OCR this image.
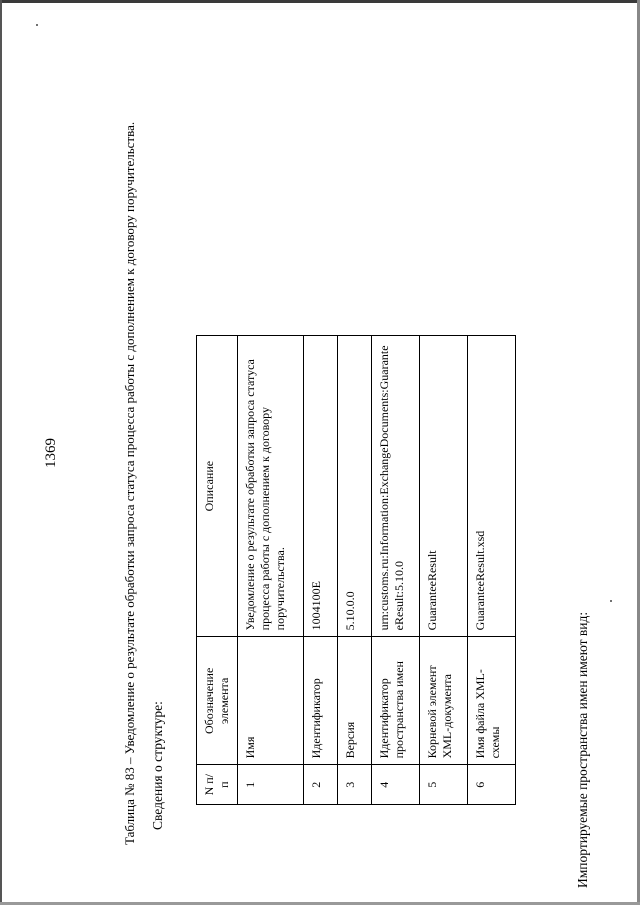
1369	Таблица № 83 – Уведомление о результате обработки запроса статуса процесса работы с дополнением к договору поручительства. Сведения о структуре:	N п/п	Обозначение элемента	Описание
1	Имя	Уведомление о результате обработки запроса статуса процесса работы с дополнением к договору поручительства.
2	Идентификатор	1004100E
3	Версия	5.10.0.0
4	Идентификатор пространства имен	urn:customs.ru:Information:ExchangeDocuments:GuaranteeResult:5.10.0
5	Корневой элемент XML-документа	GuaranteeResult
6	Имя файла XML-схемы	GuaranteeResult.xsd
Импортируемые пространства имен имеют вид:
